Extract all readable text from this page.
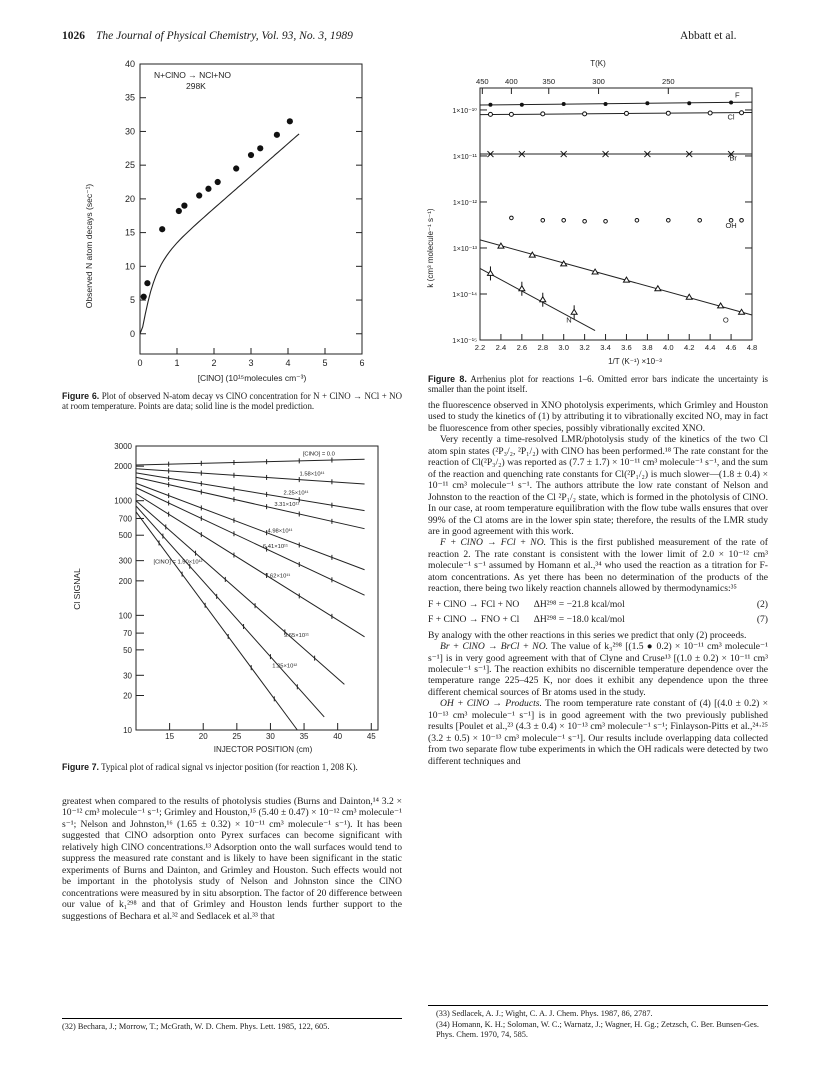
1026 The Journal of Physical Chemistry, Vol. 93, No. 3, 1989	Abbatt et al.
Observed N atom decays (sec⁻¹)
N+ClNO → NCl+NO
298K
[ClNO] (10¹⁵molecules cm⁻³)
0
5
10
15
20
25
30
35
40
0	1	2	3	4	5	6
Figure 6. Plot of observed N-atom decay vs ClNO concentration for N + ClNO → NCl + NO at room temperature. Points are data; solid line is the model prediction.
Cl SIGNAL
INJECTOR POSITION (cm)
10
20
30
50
70
100
200
300
500
700
1000
2000
3000
15	20	25	30	35	40	45
[ClNO] = 0.0
1.58×10¹¹
2.25×10¹¹
3.31×10¹¹
4.98×10¹¹
6.41×10¹¹
7.62×10¹¹
9.65×10¹¹
1.25×10¹²
[ClNO] = 1.50×10¹²
Figure 7. Typical plot of radical signal vs injector position (for reaction 1, 208 K).

greatest when compared to the results of photolysis studies (Burns and Dainton,¹⁴ 3.2 × 10⁻¹² cm³ molecule⁻¹ s⁻¹; Grimley and Houston,¹⁵ (5.40 ± 0.47) × 10⁻¹² cm³ molecule⁻¹ s⁻¹; Nelson and Johnston,¹⁶ (1.65 ± 0.32) × 10⁻¹¹ cm³ molecule⁻¹ s⁻¹). It has been suggested that ClNO adsorption onto Pyrex surfaces can become significant with relatively high ClNO concentrations.¹³ Adsorption onto the wall surfaces would tend to suppress the measured rate constant and is likely to have been significant in the static experiments of Burns and Dainton, and Grimley and Houston. Such effects would not be important in the photolysis study of Nelson and Johnston since the ClNO concentrations were measured by in situ absorption. The factor of 20 difference between our value of k₁²⁹⁸ and that of Grimley and Houston lends further support to the suggestions of Bechara et al.³² and Sedlacek et al.³³ that

(32) Bechara, J.; Morrow, T.; McGrath, W. D. Chem. Phys. Lett. 1985, 122, 605.
T(K)
k (cm³ molecule⁻¹ s⁻¹)
1/T (K⁻¹) ×10⁻³
2.2 2.4 2.6 2.8 3.0 3.2 3.4 3.6 3.8 4.0 4.2 4.4 4.6 4.8
450 400	350	300	250
1×10⁻¹⁵
1×10⁻¹⁴
1×10⁻¹³
1×10⁻¹²
1×10⁻¹¹
1×10⁻¹⁰
F
Cl
Br
OH
O
N
Figure 8. Arrhenius plot for reactions 1–6. Omitted error bars indicate the uncertainty is smaller than the point itself.

the fluorescence observed in XNO photolysis experiments, which Grimley and Houston used to study the kinetics of (1) by attributing it to vibrationally excited NO, may in fact be fluorescence from other species, possibly vibrationally excited XNO.

Very recently a time-resolved LMR/photolysis study of the kinetics of the two Cl atom spin states (²P₃/₂, ²P₁/₂) with ClNO has been performed.¹⁸ The rate constant for the reaction of Cl(²P₃/₂) was reported as (7.7 ± 1.7) × 10⁻¹¹ cm³ molecule⁻¹ s⁻¹, and the sum of the reaction and quenching rate constants for Cl(²P₁/₂) is much slower—(1.8 ± 0.4) × 10⁻¹¹ cm³ molecule⁻¹ s⁻¹. The authors attribute the low rate constant of Nelson and Johnston to the reaction of the Cl ²P₁/₂ state, which is formed in the photolysis of ClNO. In our case, at room temperature equilibration with the flow tube walls ensures that over 99% of the Cl atoms are in the lower spin state; therefore, the results of the LMR study are in good agreement with this work.

F + ClNO → FCl + NO. This is the first published measurement of the rate of reaction 2. The rate constant is consistent with the lower limit of 2.0 × 10⁻¹² cm³ molecule⁻¹ s⁻¹ assumed by Homann et al.,³⁴ who used the reaction as a titration for F-atom concentrations. As yet there has been no determination of the products of the reaction, there being two likely reaction channels allowed by thermodynamics:³⁵

F + ClNO → FCl + NO      ΔH²⁹⁸ = −21.8 kcal/mol	(2)
F + ClNO → FNO + Cl      ΔH²⁹⁸ = −18.0 kcal/mol	(7)

By analogy with the other reactions in this series we predict that only (2) proceeds.

Br + ClNO → BrCl + NO. The value of k₃²⁹⁸ [(1.5 ● 0.2) × 10⁻¹¹ cm³ molecule⁻¹ s⁻¹] is in very good agreement with that of Clyne and Cruse¹³ [(1.0 ± 0.2) × 10⁻¹¹ cm³ molecule⁻¹ s⁻¹]. The reaction exhibits no discernible temperature dependence over the temperature range 225–425 K, nor does it exhibit any dependence upon the three different chemical sources of Br atoms used in the study.

OH + ClNO → Products. The room temperature rate constant of (4) [(4.0 ± 0.2) × 10⁻¹³ cm³ molecule⁻¹ s⁻¹] is in good agreement with the two previously published results [Poulet et al.,²³ (4.3 ± 0.4) × 10⁻¹³ cm³ molecule⁻¹ s⁻¹; Finlayson-Pitts et al.,²⁴·²⁵ (3.2 ± 0.5) × 10⁻¹³ cm³ molecule⁻¹ s⁻¹]. Our results include overlapping data collected from two separate flow tube experiments in which the OH radicals were detected by two different techniques and

(33) Sedlacek, A. J.; Wight, C. A. J. Chem. Phys. 1987, 86, 2787.
(34) Homann, K. H.; Soloman, W. C.; Warnatz, J.; Wagner, H. Gg.; Zetzsch, C. Ber. Bunsen-Ges. Phys. Chem. 1970, 74, 585.
